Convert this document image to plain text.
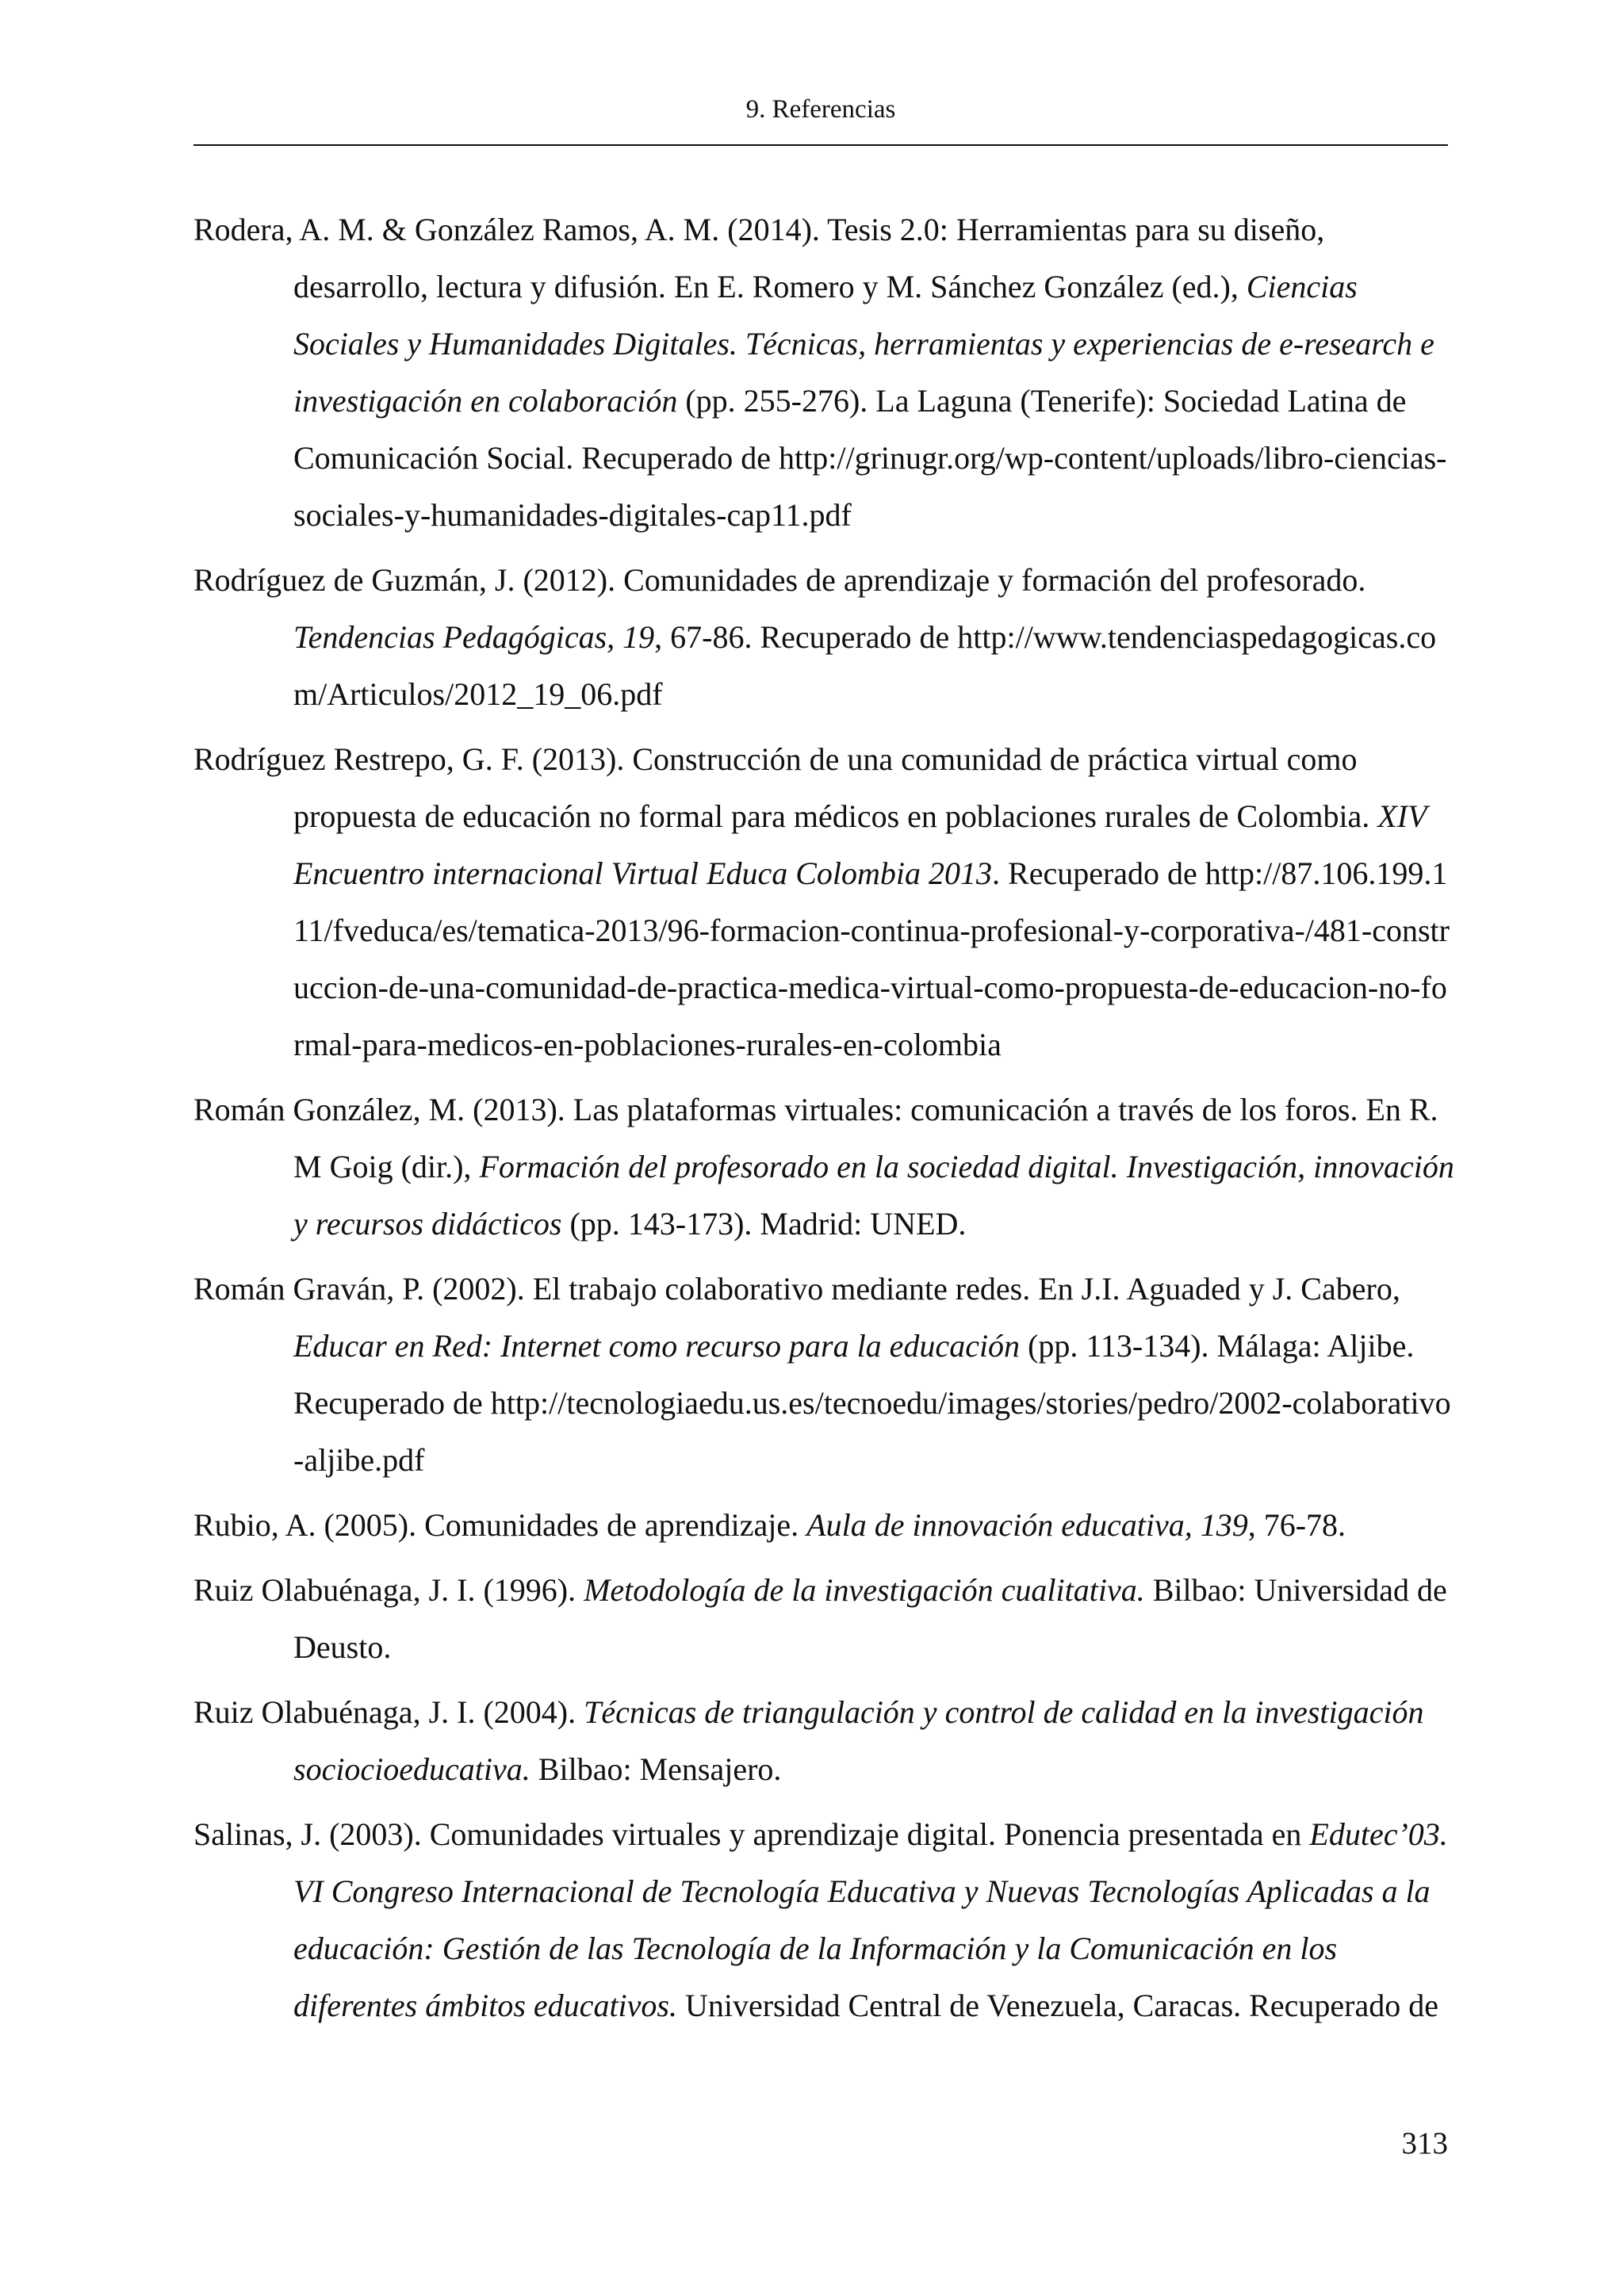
9. Referencias
Rodera, A. M. & González Ramos, A. M. (2014). Tesis 2.0: Herramientas para su diseño, desarrollo, lectura y difusión. En E. Romero y M. Sánchez González (ed.), Ciencias Sociales y Humanidades Digitales. Técnicas, herramientas y experiencias de e-research e investigación en colaboración (pp. 255-276). La Laguna (Tenerife): Sociedad Latina de Comunicación Social. Recuperado de http://grinugr.org/wp-content/uploads/libro-ciencias-sociales-y-humanidades-digitales-cap11.pdf
Rodríguez de Guzmán, J. (2012). Comunidades de aprendizaje y formación del profesorado. Tendencias Pedagógicas, 19, 67-86. Recuperado de http://www.tendenciaspedagogicas.com/Articulos/2012_19_06.pdf
Rodríguez Restrepo, G. F. (2013). Construcción de una comunidad de práctica virtual como propuesta de educación no formal para médicos en poblaciones rurales de Colombia. XIV Encuentro internacional Virtual Educa Colombia 2013. Recuperado de http://87.106.199.111/fveduca/es/tematica-2013/96-formacion-continua-profesional-y-corporativa-/481-construccion-de-una-comunidad-de-practica-medica-virtual-como-propuesta-de-educacion-no-formal-para-medicos-en-poblaciones-rurales-en-colombia
Román González, M. (2013). Las plataformas virtuales: comunicación a través de los foros. En R. M Goig (dir.), Formación del profesorado en la sociedad digital. Investigación, innovación y recursos didácticos (pp. 143-173). Madrid: UNED.
Román Graván, P. (2002). El trabajo colaborativo mediante redes. En J.I. Aguaded y J. Cabero, Educar en Red: Internet como recurso para la educación (pp. 113-134). Málaga: Aljibe. Recuperado de http://tecnologiaedu.us.es/tecnoedu/images/stories/pedro/2002-colaborativo-aljibe.pdf
Rubio, A. (2005). Comunidades de aprendizaje. Aula de innovación educativa, 139, 76-78.
Ruiz Olabuénaga, J. I. (1996). Metodología de la investigación cualitativa. Bilbao: Universidad de Deusto.
Ruiz Olabuénaga, J. I. (2004). Técnicas de triangulación y control de calidad en la investigación sociocioeducativa. Bilbao: Mensajero.
Salinas, J. (2003). Comunidades virtuales y aprendizaje digital. Ponencia presentada en Edutec’03. VI Congreso Internacional de Tecnología Educativa y Nuevas Tecnologías Aplicadas a la educación: Gestión de las Tecnología de la Información y la Comunicación en los diferentes ámbitos educativos. Universidad Central de Venezuela, Caracas. Recuperado de
313
